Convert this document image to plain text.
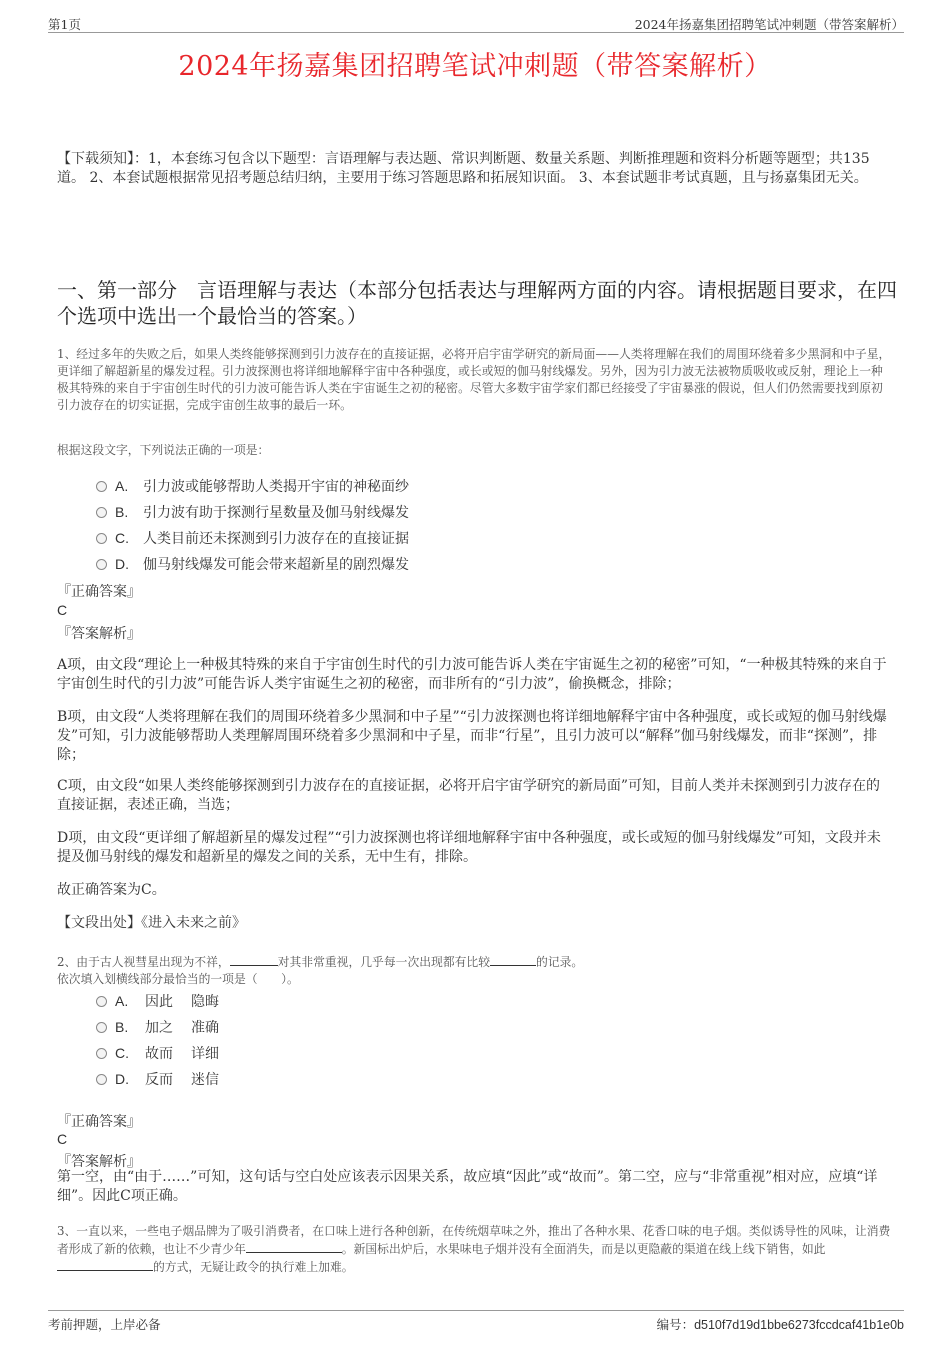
第1页	2024年扬嘉集团招聘笔试冲刺题（带答案解析）
2024年扬嘉集团招聘笔试冲刺题（带答案解析）
【下载须知】：1，本套练习包含以下题型：言语理解与表达题、常识判断题、数量关系题、判断推理题和资料分析题等题型；共135道。 2、本套试题根据常见招考题总结归纳，主要用于练习答题思路和拓展知识面。 3、本套试题非考试真题，且与扬嘉集团无关。
一、第一部分　言语理解与表达（本部分包括表达与理解两方面的内容。请根据题目要求，在四个选项中选出一个最恰当的答案。）
1、经过多年的失败之后，如果人类终能够探测到引力波存在的直接证据，必将开启宇宙学研究的新局面——人类将理解在我们的周围环绕着多少黑洞和中子星，更详细了解超新星的爆发过程。引力波探测也将详细地解释宇宙中各种强度，或长或短的伽马射线爆发。另外，因为引力波无法被物质吸收或反射，理论上一种极其特殊的来自于宇宙创生时代的引力波可能告诉人类在宇宙诞生之初的秘密。尽管大多数宇宙学家们都已经接受了宇宙暴涨的假说，但人们仍然需要找到原初引力波存在的切实证据，完成宇宙创生故事的最后一环。
根据这段文字，下列说法正确的一项是：
A.	引力波或能够帮助人类揭开宇宙的神秘面纱
B.	引力波有助于探测行星数量及伽马射线爆发
C.	人类目前还未探测到引力波存在的直接证据
D.	伽马射线爆发可能会带来超新星的剧烈爆发
『正确答案』
C
『答案解析』
A项，由文段“理论上一种极其特殊的来自于宇宙创生时代的引力波可能告诉人类在宇宙诞生之初的秘密”可知，“一种极其特殊的来自于宇宙创生时代的引力波”可能告诉人类宇宙诞生之初的秘密，而非所有的“引力波”，偷换概念，排除；
B项，由文段“人类将理解在我们的周围环绕着多少黑洞和中子星”“引力波探测也将详细地解释宇宙中各种强度，或长或短的伽马射线爆发”可知，引力波能够帮助人类理解周围环绕着多少黑洞和中子星，而非“行星”，且引力波可以“解释”伽马射线爆发，而非“探测”，排除；
C项，由文段“如果人类终能够探测到引力波存在的直接证据，必将开启宇宙学研究的新局面”可知，目前人类并未探测到引力波存在的直接证据，表述正确，当选；
D项，由文段“更详细了解超新星的爆发过程”“引力波探测也将详细地解释宇宙中各种强度，或长或短的伽马射线爆发”可知，文段并未提及伽马射线的爆发和超新星的爆发之间的关系，无中生有，排除。
故正确答案为C。
【文段出处】《进入未来之前》
2、由于古人视彗星出现为不祥，	对其非常重视，几乎每一次出现都有比较	的记录。
依次填入划横线部分最恰当的一项是（　　）。
A.	因此	隐晦
B.	加之	准确
C.	故而	详细
D.	反而	迷信
『正确答案』
C
『答案解析』
第一空，由“由于……”可知，这句话与空白处应该表示因果关系，故应填“因此”或“故而”。第二空，应与“非常重视”相对应，应填“详细”。因此C项正确。
3、一直以来，一些电子烟品牌为了吸引消费者，在口味上进行各种创新，在传统烟草味之外，推出了各种水果、花香口味的电子烟。类似诱导性的风味，让消费者形成了新的依赖，也让不少青少年	。新国标出炉后，水果味电子烟并没有全面消失，而是以更隐蔽的渠道在线上线下销售，如此的方式，无疑让政令的执行难上加难。
考前押题，上岸必备	编号：d510f7d19d1bbe6273fccdcaf41b1e0b
